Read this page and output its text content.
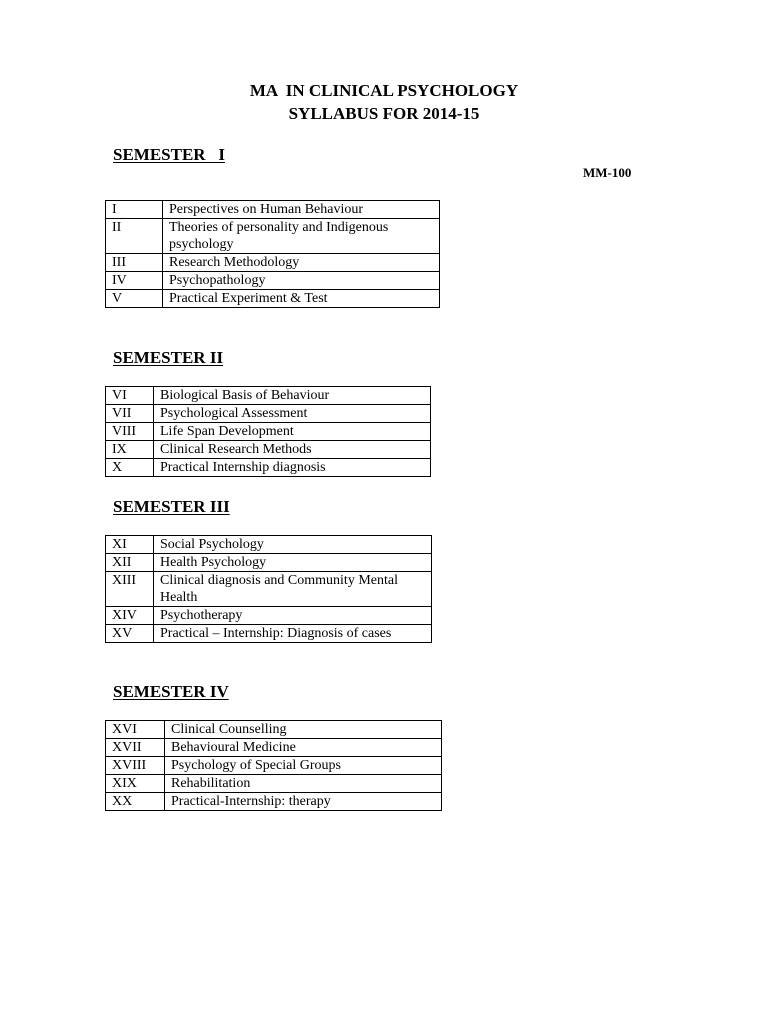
MA  IN CLINICAL PSYCHOLOGY
SYLLABUS FOR 2014-15
SEMESTER   I
MM-100
I	Perspectives on Human Behaviour
II	Theories of personality and Indigenous psychology
III	Research Methodology
IV	Psychopathology
V	Practical Experiment & Test
SEMESTER II
VI	Biological Basis of Behaviour
VII	Psychological Assessment
VIII	Life Span Development
IX	Clinical Research Methods
X	Practical Internship diagnosis
SEMESTER III
XI	Social Psychology
XII	Health Psychology
XIII	Clinical diagnosis and Community Mental Health
XIV	Psychotherapy
XV	Practical – Internship: Diagnosis of cases
SEMESTER IV
XVI	Clinical Counselling
XVII	Behavioural Medicine
XVIII	Psychology of Special Groups
XIX	Rehabilitation
XX	Practical-Internship: therapy
